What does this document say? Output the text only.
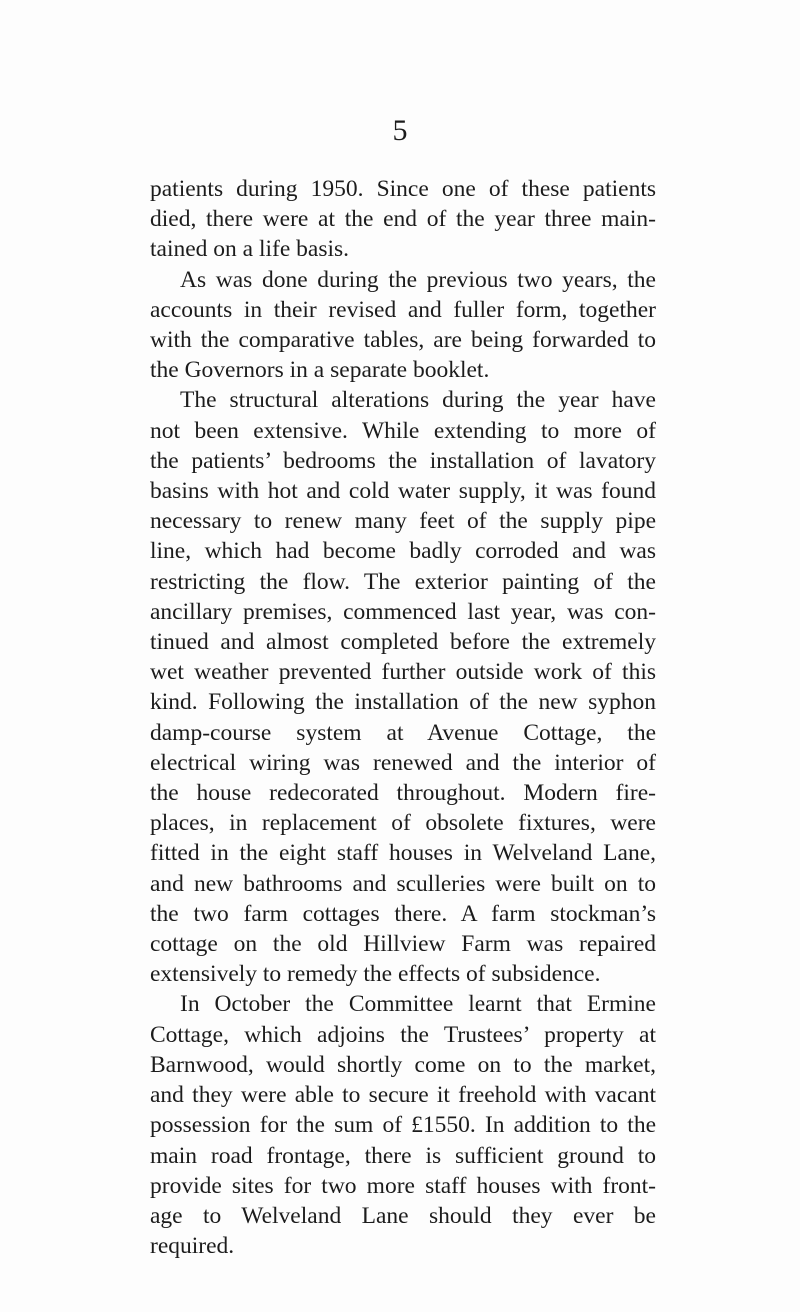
5

patients during 1950. Since one of these patients
died, there were at the end of the year three main-
tained on a life basis.

As was done during the previous two years, the
accounts in their revised and fuller form, together
with the comparative tables, are being forwarded to
the Governors in a separate booklet.

The structural alterations during the year have
not been extensive. While extending to more of
the patients’ bedrooms the installation of lavatory
basins with hot and cold water supply, it was found
necessary to renew many feet of the supply pipe
line, which had become badly corroded and was
restricting the flow. The exterior painting of the
ancillary premises, commenced last year, was con-
tinued and almost completed before the extremely
wet weather prevented further outside work of this
kind. Following the installation of the new syphon
damp-course system at Avenue Cottage, the
electrical wiring was renewed and the interior of
the house redecorated throughout. Modern fire-
places, in replacement of obsolete fixtures, were
fitted in the eight staff houses in Welveland Lane,
and new bathrooms and sculleries were built on to
the two farm cottages there. A farm stockman’s
cottage on the old Hillview Farm was repaired
extensively to remedy the effects of subsidence.

In October the Committee learnt that Ermine
Cottage, which adjoins the Trustees’ property at
Barnwood, would shortly come on to the market,
and they were able to secure it freehold with vacant
possession for the sum of £1550. In addition to the
main road frontage, there is sufficient ground to
provide sites for two more staff houses with front-
age to Welveland Lane should they ever be
required.
